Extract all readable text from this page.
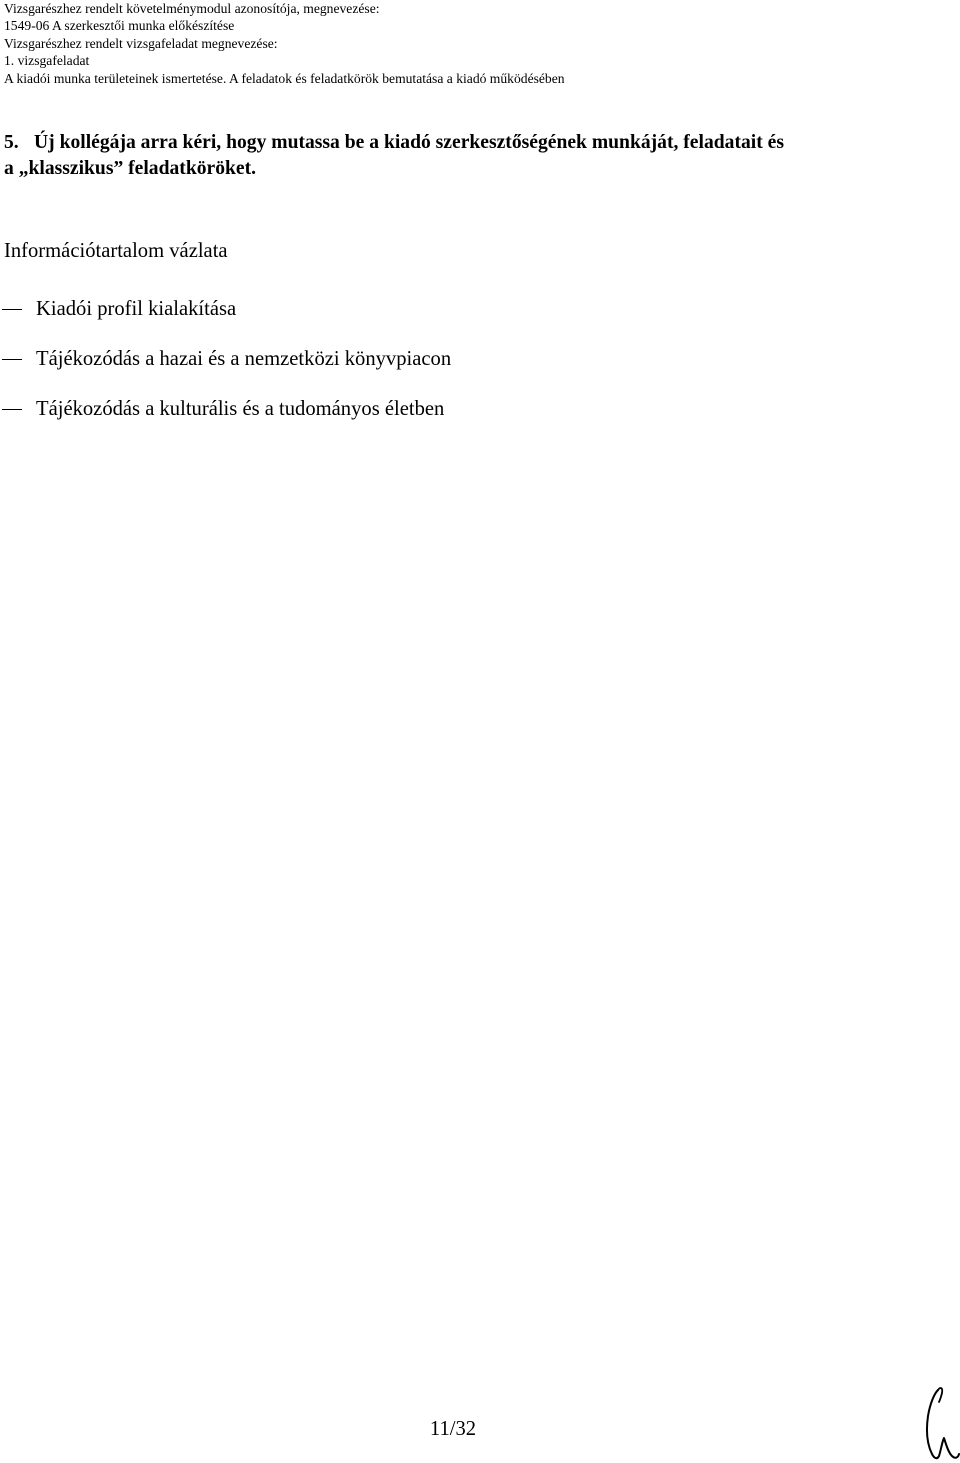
Vizsgarészhez rendelt követelménymodul azonosítója, megnevezése:
1549-06 A szerkesztői munka előkészítése
Vizsgarészhez rendelt vizsgafeladat megnevezése:
1. vizsgafeladat
A kiadói munka területeinek ismertetése. A feladatok és feladatkörök bemutatása a kiadó működésében
5. Új kollégája arra kéri, hogy mutassa be a kiadó szerkesztőségének munkáját, feladatait és
a „klasszikus” feladatköröket.
Információtartalom vázlata
Kiadói profil kialakítása
Tájékozódás a hazai és a nemzetközi könyvpiacon
Tájékozódás a kulturális és a tudományos életben
11/32
